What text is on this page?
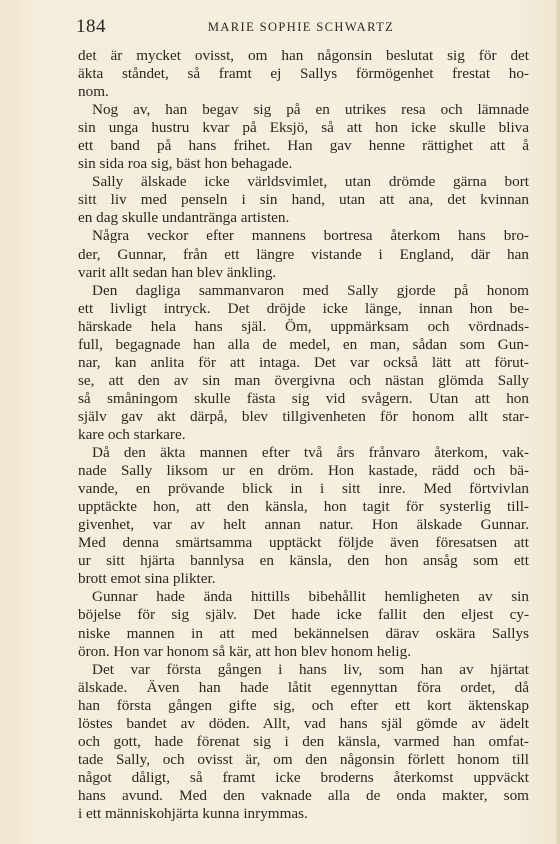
184	MARIE SOPHIE SCHWARTZ
det är mycket ovisst, om han någonsin beslutat sig för det
äkta ståndet, så framt ej Sallys förmögenhet frestat ho-
nom.
Nog av, han begav sig på en utrikes resa och lämnade
sin unga hustru kvar på Eksjö, så att hon icke skulle bliva
ett band på hans frihet. Han gav henne rättighet att å
sin sida roa sig, bäst hon behagade.
Sally älskade icke världsvimlet, utan drömde gärna bort
sitt liv med penseln i sin hand, utan att ana, det kvinnan
en dag skulle undantränga artisten.
Några veckor efter mannens bortresa återkom hans bro-
der, Gunnar, från ett längre vistande i England, där han
varit allt sedan han blev änkling.
Den dagliga sammanvaron med Sally gjorde på honom
ett livligt intryck. Det dröjde icke länge, innan hon be-
härskade hela hans själ. Öm, uppmärksam och vördnads-
full, begagnade han alla de medel, en man, sådan som Gun-
nar, kan anlita för att intaga. Det var också lätt att förut-
se, att den av sin man övergivna och nästan glömda Sally
så småningom skulle fästa sig vid svågern. Utan att hon
själv gav akt därpå, blev tillgivenheten för honom allt star-
kare och starkare.
Då den äkta mannen efter två års frånvaro återkom, vak-
nade Sally liksom ur en dröm. Hon kastade, rädd och bä-
vande, en prövande blick in i sitt inre. Med förtvivlan
upptäckte hon, att den känsla, hon tagit för systerlig till-
givenhet, var av helt annan natur. Hon älskade Gunnar.
Med denna smärtsamma upptäckt följde även föresatsen att
ur sitt hjärta bannlysa en känsla, den hon ansåg som ett
brott emot sina plikter.
Gunnar hade ända hittills bibehållit hemligheten av sin
böjelse för sig själv. Det hade icke fallit den eljest cy-
niske mannen in att med bekännelsen därav oskära Sallys
öron. Hon var honom så kär, att hon blev honom helig.
Det var första gången i hans liv, som han av hjärtat
älskade. Även han hade låtit egennyttan föra ordet, då
han första gången gifte sig, och efter ett kort äktenskap
löstes bandet av döden. Allt, vad hans själ gömde av ädelt
och gott, hade förenat sig i den känsla, varmed han omfat-
tade Sally, och ovisst är, om den någonsin förlett honom till
något dåligt, så framt icke broderns återkomst uppväckt
hans avund. Med den vaknade alla de onda makter, som
i ett människohjärta kunna inrymmas.
